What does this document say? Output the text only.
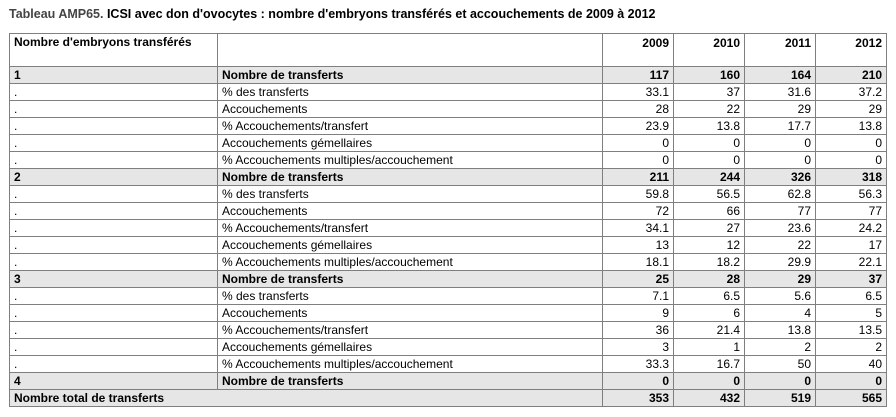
Tableau AMP65. ICSI avec don d'ovocytes : nombre d'embryons transférés et accouchements de 2009 à 2012
Nombre d'embryons transférés		2009	2010	2011	2012
1	Nombre de transferts	117	160	164	210
.	% des transferts	33.1	37	31.6	37.2
.	Accouchements	28	22	29	29
.	% Accouchements/transfert	23.9	13.8	17.7	13.8
.	Accouchements gémellaires	0	0	0	0
.	% Accouchements multiples/accouchement	0	0	0	0
2	Nombre de transferts	211	244	326	318
.	% des transferts	59.8	56.5	62.8	56.3
.	Accouchements	72	66	77	77
.	% Accouchements/transfert	34.1	27	23.6	24.2
.	Accouchements gémellaires	13	12	22	17
.	% Accouchements multiples/accouchement	18.1	18.2	29.9	22.1
3	Nombre de transferts	25	28	29	37
.	% des transferts	7.1	6.5	5.6	6.5
.	Accouchements	9	6	4	5
.	% Accouchements/transfert	36	21.4	13.8	13.5
.	Accouchements gémellaires	3	1	2	2
.	% Accouchements multiples/accouchement	33.3	16.7	50	40
4	Nombre de transferts	0	0	0	0
Nombre total de transferts		353	432	519	565
